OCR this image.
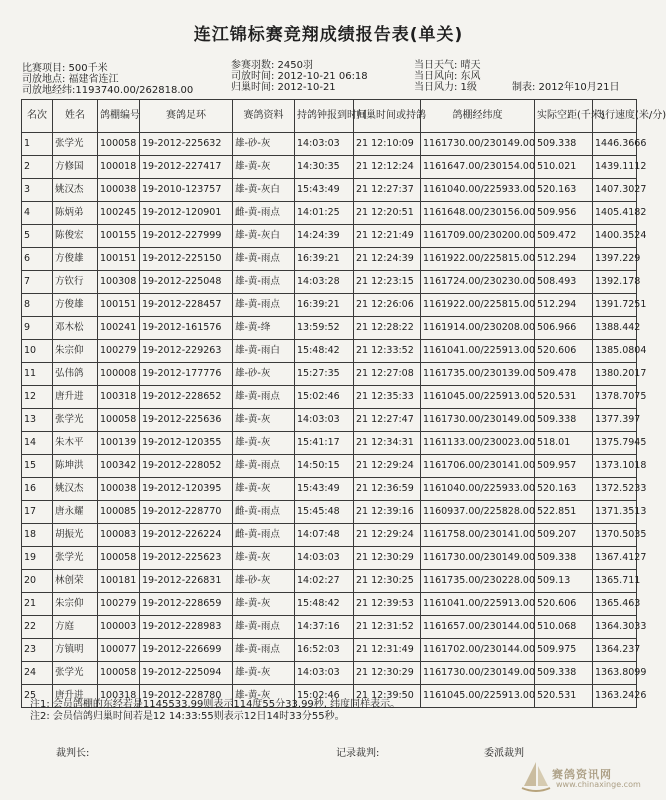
连江锦标赛竞翔成绩报告表(单关)
比赛项目: 500千米
司放地点: 福建省连江
司放地经纬:1193740.00/262818.00
参赛羽数: 2450羽
司放时间: 2012-10-21 06:18
归巢时间: 2012-10-21
当日天气: 晴天
当日风向: 东风
当日风力: 1级	制表: 2012年10月21日
名次	姓名	鸽棚编号	赛鸽足环	赛鸽资料	持鸽钟报到时间	归巢时间或持鸽	鸽棚经纬度	实际空距(千米)	飞行速度(米/分)
1	张学光	100058	19-2012-225632	雄-砂-灰	14:03:03	21 12:10:09	1161730.00/230149.00	509.338	1446.3666
2	方修国	100018	19-2012-227417	雄-黄-灰	14:30:35	21 12:12:24	1161647.00/230154.00	510.021	1439.1112
3	姚汉杰	100038	19-2010-123757	雄-黄-灰白	15:43:49	21 12:27:37	1161040.00/225933.00	520.163	1407.3027
4	陈炳弟	100245	19-2012-120901	雌-黄-雨点	14:01:25	21 12:20:51	1161648.00/230156.00	509.956	1405.4182
5	陈俊宏	100155	19-2012-227999	雄-黄-灰白	14:24:39	21 12:21:49	1161709.00/230200.00	509.472	1400.3524
6	方俊雄	100151	19-2012-225150	雄-黄-雨点	16:39:21	21 12:24:39	1161922.00/225815.00	512.294	1397.229
7	方钦行	100308	19-2012-225048	雄-黄-雨点	14:03:28	21 12:23:15	1161724.00/230230.00	508.493	1392.178
8	方俊雄	100151	19-2012-228457	雄-黄-雨点	16:39:21	21 12:26:06	1161922.00/225815.00	512.294	1391.7251
9	邓木松	100241	19-2012-161576	雄-黄-绛	13:59:52	21 12:28:22	1161914.00/230208.00	506.966	1388.442
10	朱宗仰	100279	19-2012-229263	雄-黄-雨白	15:48:42	21 12:33:52	1161041.00/225913.00	520.606	1385.0804
11	弘伟鸽	100008	19-2012-177776	雄-砂-灰	15:27:35	21 12:27:08	1161735.00/230139.00	509.478	1380.2017
12	唐升进	100318	19-2012-228652	雄-黄-雨点	15:02:46	21 12:35:33	1161045.00/225913.00	520.531	1378.7075
13	张学光	100058	19-2012-225636	雄-黄-灰	14:03:03	21 12:27:47	1161730.00/230149.00	509.338	1377.397
14	朱木平	100139	19-2012-120355	雄-黄-灰	15:41:17	21 12:34:31	1161133.00/230023.00	518.01	1375.7945
15	陈坤洪	100342	19-2012-228052	雄-黄-雨点	14:50:15	21 12:29:24	1161706.00/230141.00	509.957	1373.1018
16	姚汉杰	100038	19-2012-120395	雄-黄-灰	15:43:49	21 12:36:59	1161040.00/225933.00	520.163	1372.5233
17	唐永耀	100085	19-2012-228770	雌-黄-雨点	15:45:48	21 12:39:16	1160937.00/225828.00	522.851	1371.3513
18	胡振光	100083	19-2012-226224	雌-黄-雨点	14:07:48	21 12:29:24	1161758.00/230141.00	509.207	1370.5035
19	张学光	100058	19-2012-225623	雄-黄-灰	14:03:03	21 12:30:29	1161730.00/230149.00	509.338	1367.4127
20	林创荣	100181	19-2012-226831	雄-砂-灰	14:02:27	21 12:30:25	1161735.00/230228.00	509.13	1365.711
21	朱宗仰	100279	19-2012-228659	雄-黄-灰	15:48:42	21 12:39:53	1161041.00/225913.00	520.606	1365.463
22	方庭	100003	19-2012-228983	雄-黄-雨点	14:37:16	21 12:31:52	1161657.00/230144.00	510.068	1364.3033
23	方镇明	100077	19-2012-226699	雄-黄-雨点	16:52:03	21 12:31:49	1161702.00/230144.00	509.975	1364.237
24	张学光	100058	19-2012-225094	雄-黄-灰	14:03:03	21 12:30:29	1161730.00/230149.00	509.338	1363.8099
25	唐升进	100318	19-2012-228780	雄-黄-灰	15:02:46	21 12:39:50	1161045.00/225913.00	520.531	1363.2426
注1: 会员鸽棚的东经若是1145533.99则表示114度55分33.99秒, 纬度同样表示。
注2: 会员信鸽归巢时间若是12 14:33:55则表示12日14时33分55秒。
裁判长:	记录裁判:	委派裁判
赛鸽资讯网
www.chinaxinge.com
